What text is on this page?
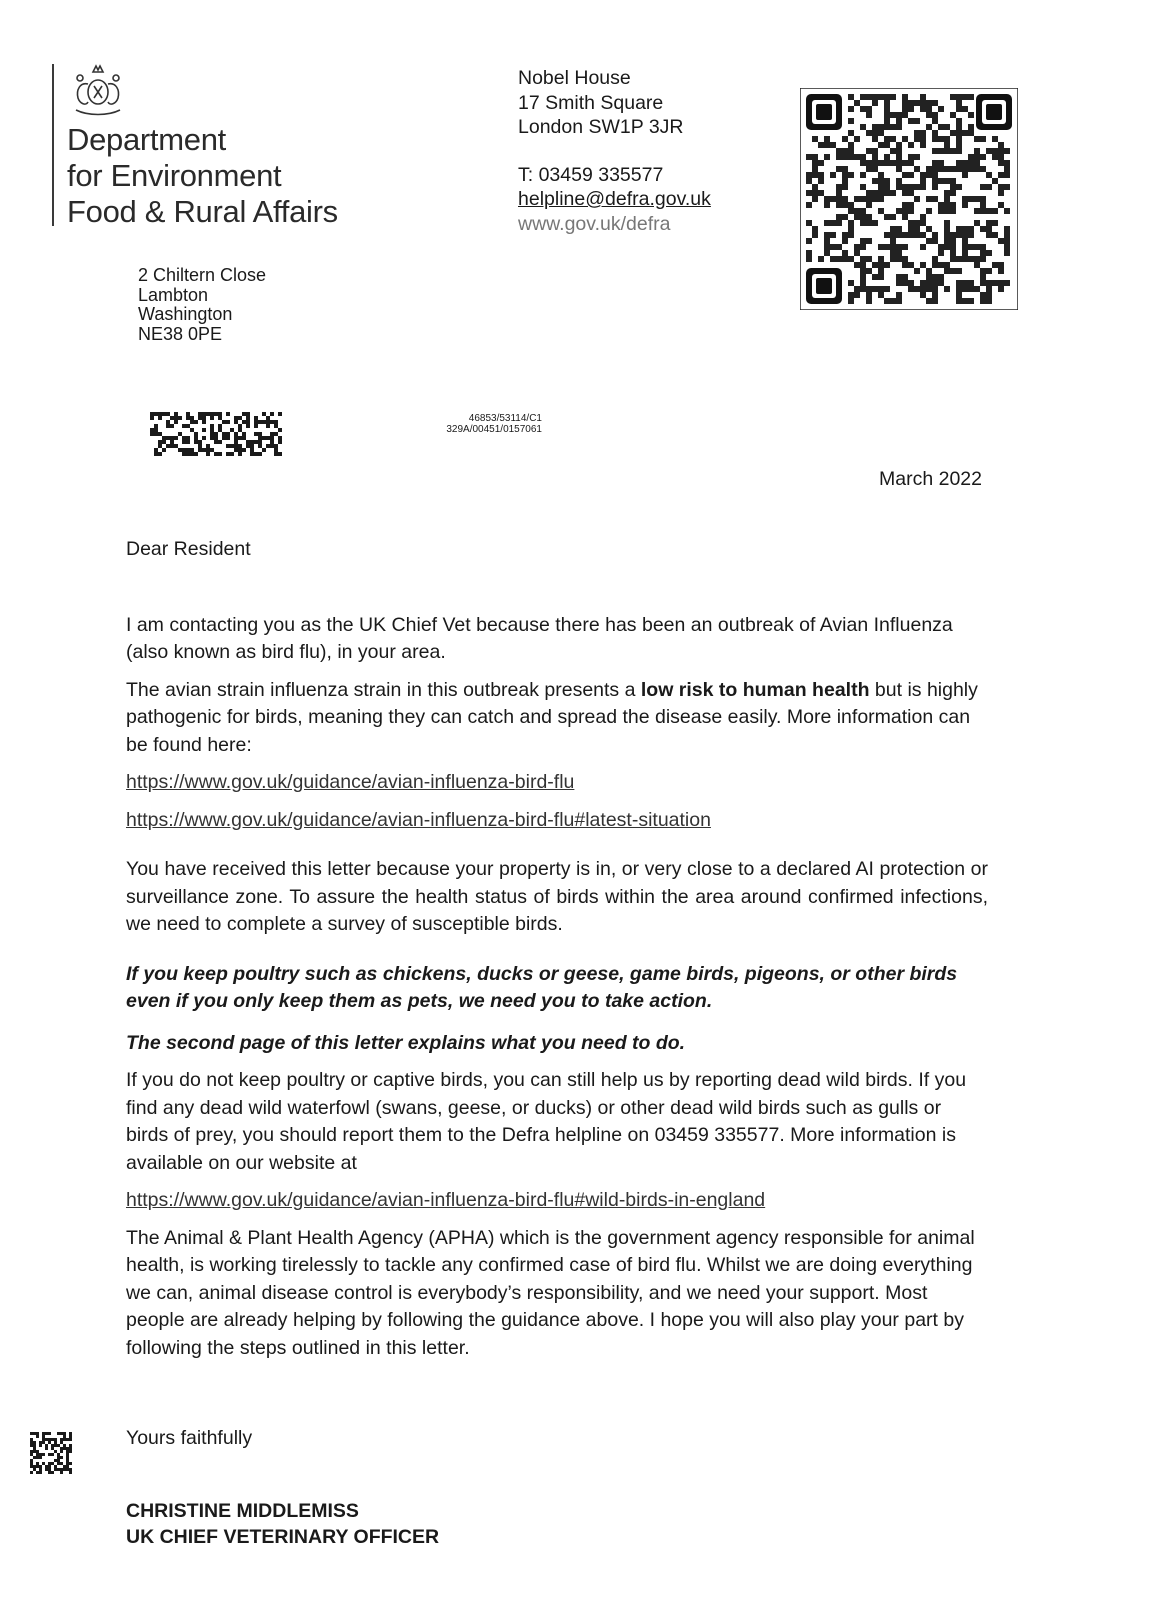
Department
for Environment
Food & Rural Affairs
Nobel House
17 Smith Square
London SW1P 3JR
T: 03459 335577
helpline@defra.gov.uk
www.gov.uk/defra
2 Chiltern Close
Lambton
Washington
NE38 0PE
46853/53114/C1
329A/00451/0157061
March 2022

Dear Resident

I am contacting you as the UK Chief Vet because there has been an outbreak of Avian Influenza (also known as bird flu), in your area.

The avian strain influenza strain in this outbreak presents a low risk to human health but is highly pathogenic for birds, meaning they can catch and spread the disease easily. More information can be found here:

https://www.gov.uk/guidance/avian-influenza-bird-flu

https://www.gov.uk/guidance/avian-influenza-bird-flu#latest-situation

You have received this letter because your property is in, or very close to a declared AI protection or surveillance zone. To assure the health status of birds within the area around confirmed infections, we need to complete a survey of susceptible birds.

If you keep poultry such as chickens, ducks or geese, game birds, pigeons, or other birds even if you only keep them as pets, we need you to take action.

The second page of this letter explains what you need to do.

If you do not keep poultry or captive birds, you can still help us by reporting dead wild birds. If you find any dead wild waterfowl (swans, geese, or ducks) or other dead wild birds such as gulls or birds of prey, you should report them to the Defra helpline on 03459 335577. More information is available on our website at

https://www.gov.uk/guidance/avian-influenza-bird-flu#wild-birds-in-england

The Animal & Plant Health Agency (APHA) which is the government agency responsible for animal health, is working tirelessly to tackle any confirmed case of bird flu. Whilst we are doing everything we can, animal disease control is everybody’s responsibility, and we need your support. Most people are already helping by following the guidance above. I hope you will also play your part by following the steps outlined in this letter.

Yours faithfully
CHRISTINE MIDDLEMISS
UK CHIEF VETERINARY OFFICER
